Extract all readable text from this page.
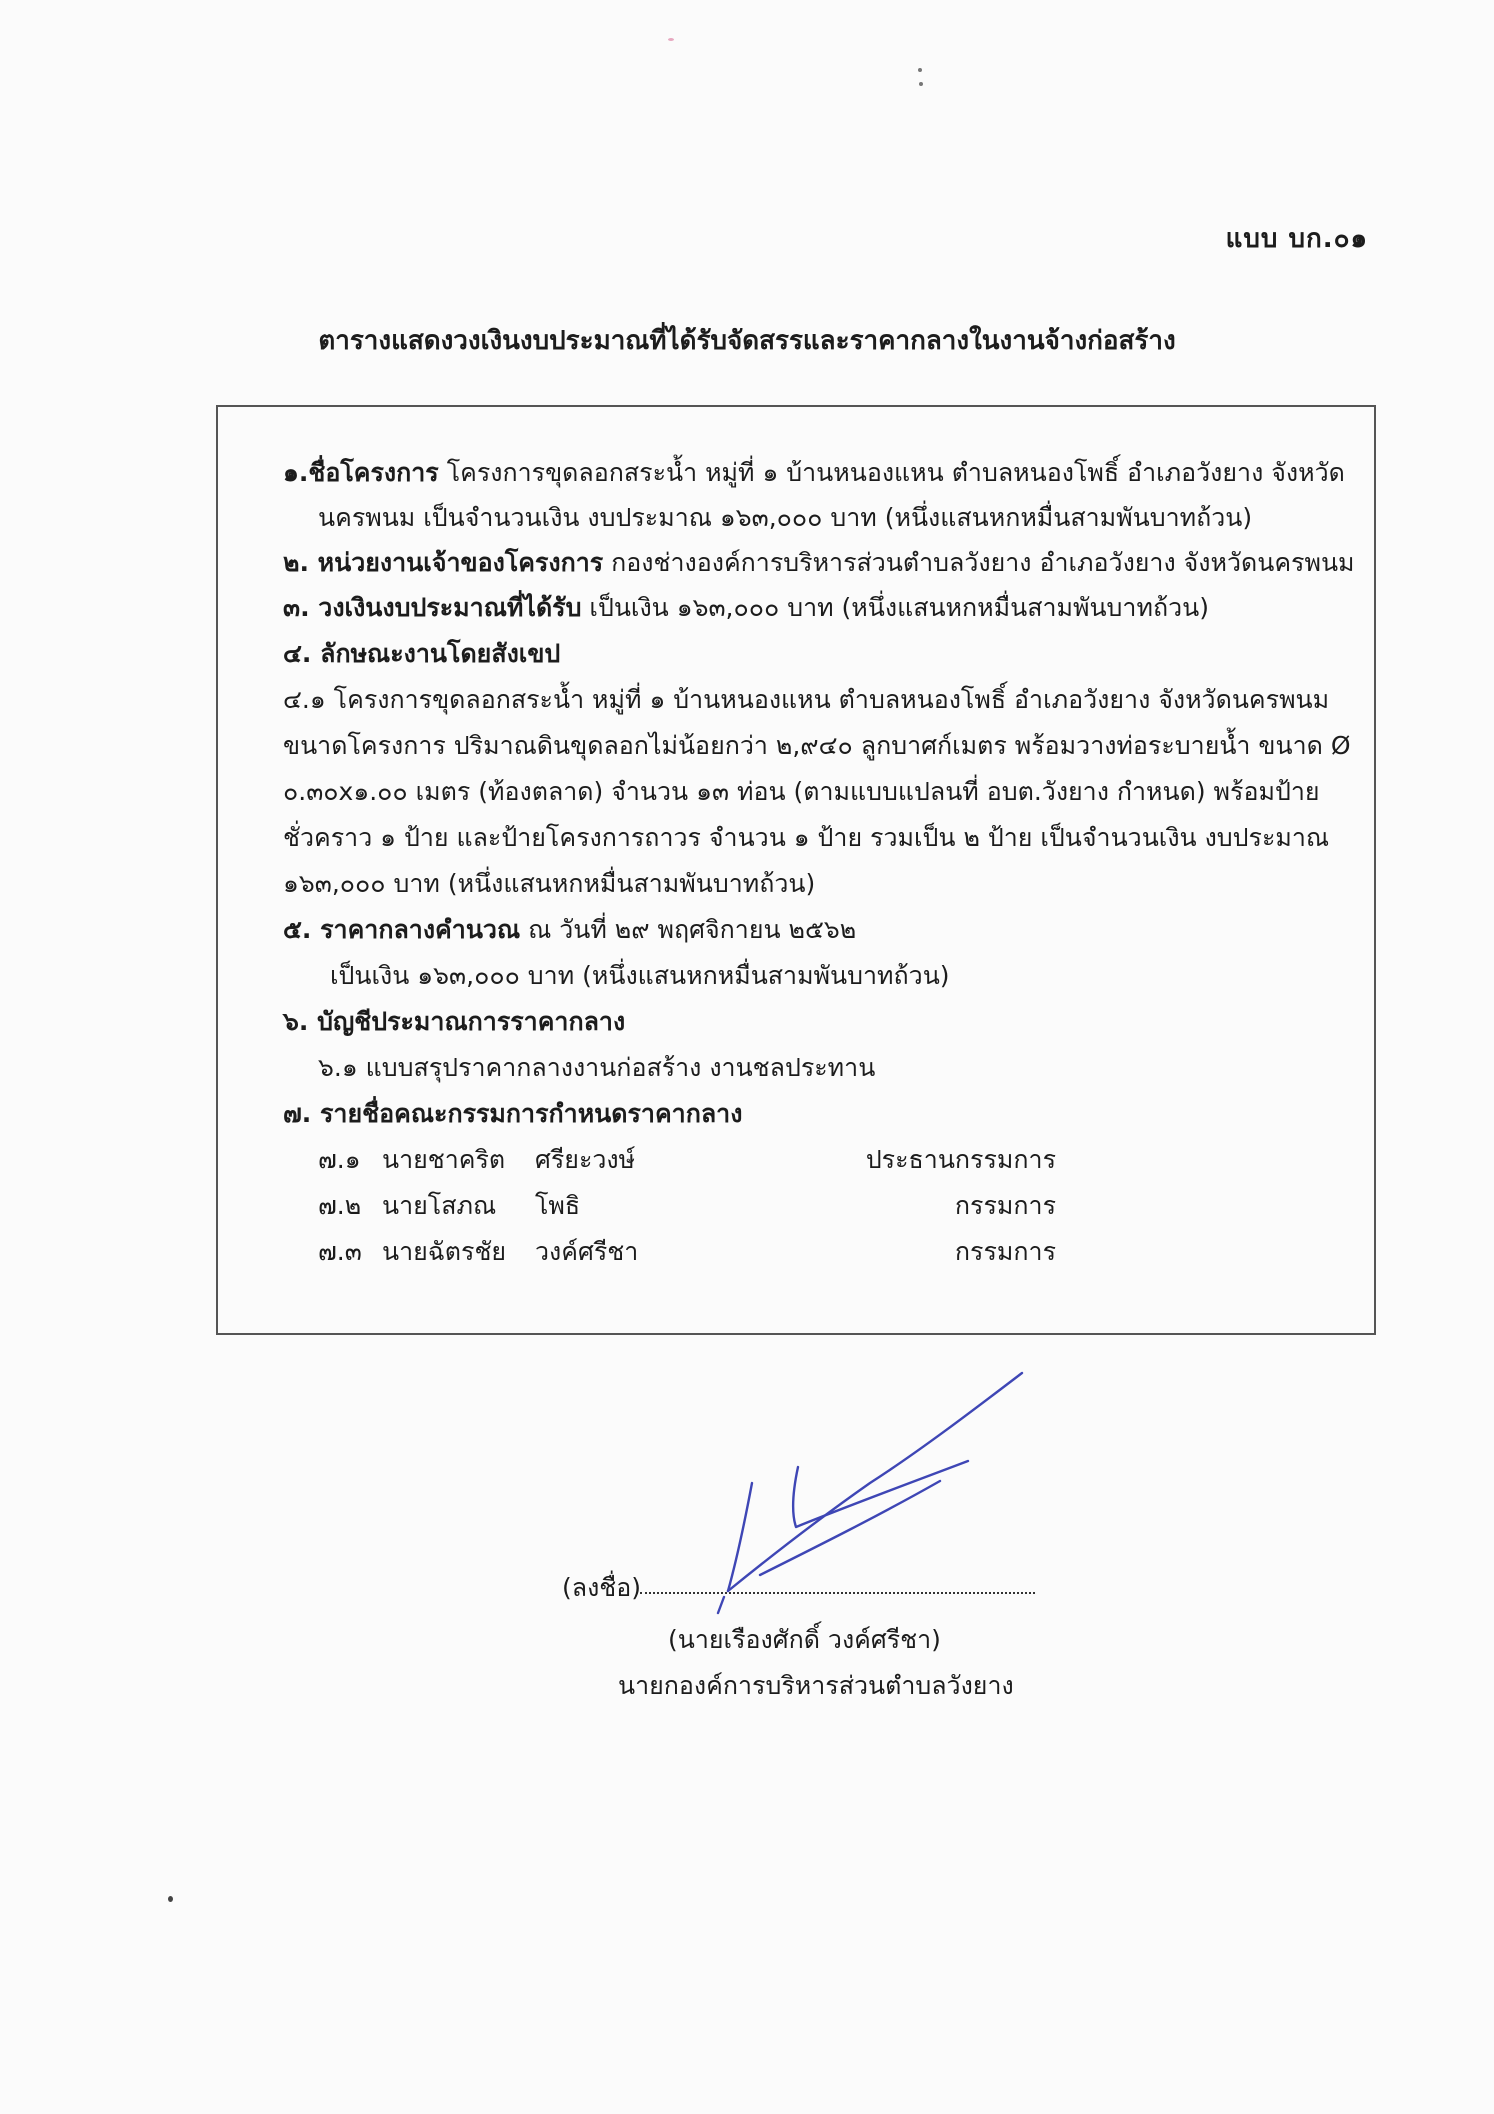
แบบ บก.๐๑
ตารางแสดงวงเงินงบประมาณที่ได้รับจัดสรรและราคากลางในงานจ้างก่อสร้าง
๑.ชื่อโครงการ โครงการขุดลอกสระน้ำ หมู่ที่ ๑ บ้านหนองแหน ตำบลหนองโพธิ์ อำเภอวังยาง จังหวัด
นครพนม เป็นจำนวนเงิน งบประมาณ ๑๖๓,๐๐๐ บาท (หนึ่งแสนหกหมื่นสามพันบาทถ้วน)
๒. หน่วยงานเจ้าของโครงการ กองช่างองค์การบริหารส่วนตำบลวังยาง อำเภอวังยาง จังหวัดนครพนม
๓. วงเงินงบประมาณที่ได้รับ เป็นเงิน ๑๖๓,๐๐๐ บาท (หนึ่งแสนหกหมื่นสามพันบาทถ้วน)
๔. ลักษณะงานโดยสังเขป
๔.๑ โครงการขุดลอกสระน้ำ หมู่ที่ ๑ บ้านหนองแหน ตำบลหนองโพธิ์ อำเภอวังยาง จังหวัดนครพนม
ขนาดโครงการ ปริมาณดินขุดลอกไม่น้อยกว่า ๒,๙๔๐ ลูกบาศก์เมตร พร้อมวางท่อระบายน้ำ ขนาด Ø
๐.๓๐x๑.๐๐ เมตร (ท้องตลาด) จำนวน ๑๓ ท่อน (ตามแบบแปลนที่ อบต.วังยาง กำหนด) พร้อมป้าย
ชั่วคราว ๑ ป้าย และป้ายโครงการถาวร จำนวน ๑ ป้าย รวมเป็น ๒ ป้าย เป็นจำนวนเงิน งบประมาณ
๑๖๓,๐๐๐ บาท (หนึ่งแสนหกหมื่นสามพันบาทถ้วน)
๕. ราคากลางคำนวณ ณ วันที่ ๒๙ พฤศจิกายน ๒๕๖๒
เป็นเงิน ๑๖๓,๐๐๐ บาท (หนึ่งแสนหกหมื่นสามพันบาทถ้วน)
๖. บัญชีประมาณการราคากลาง
๖.๑ แบบสรุปราคากลางงานก่อสร้าง งานชลประทาน
๗. รายชื่อคณะกรรมการกำหนดราคากลาง
๗.๑ นายชาคริต ศรียะวงษ์	ประธานกรรมการ
๗.๒ นายโสภณ โพธิ	กรรมการ
๗.๓ นายฉัตรชัย วงค์ศรีชา	กรรมการ
(ลงชื่อ)
(นายเรืองศักดิ์ วงค์ศรีชา)
นายกองค์การบริหารส่วนตำบลวังยาง
